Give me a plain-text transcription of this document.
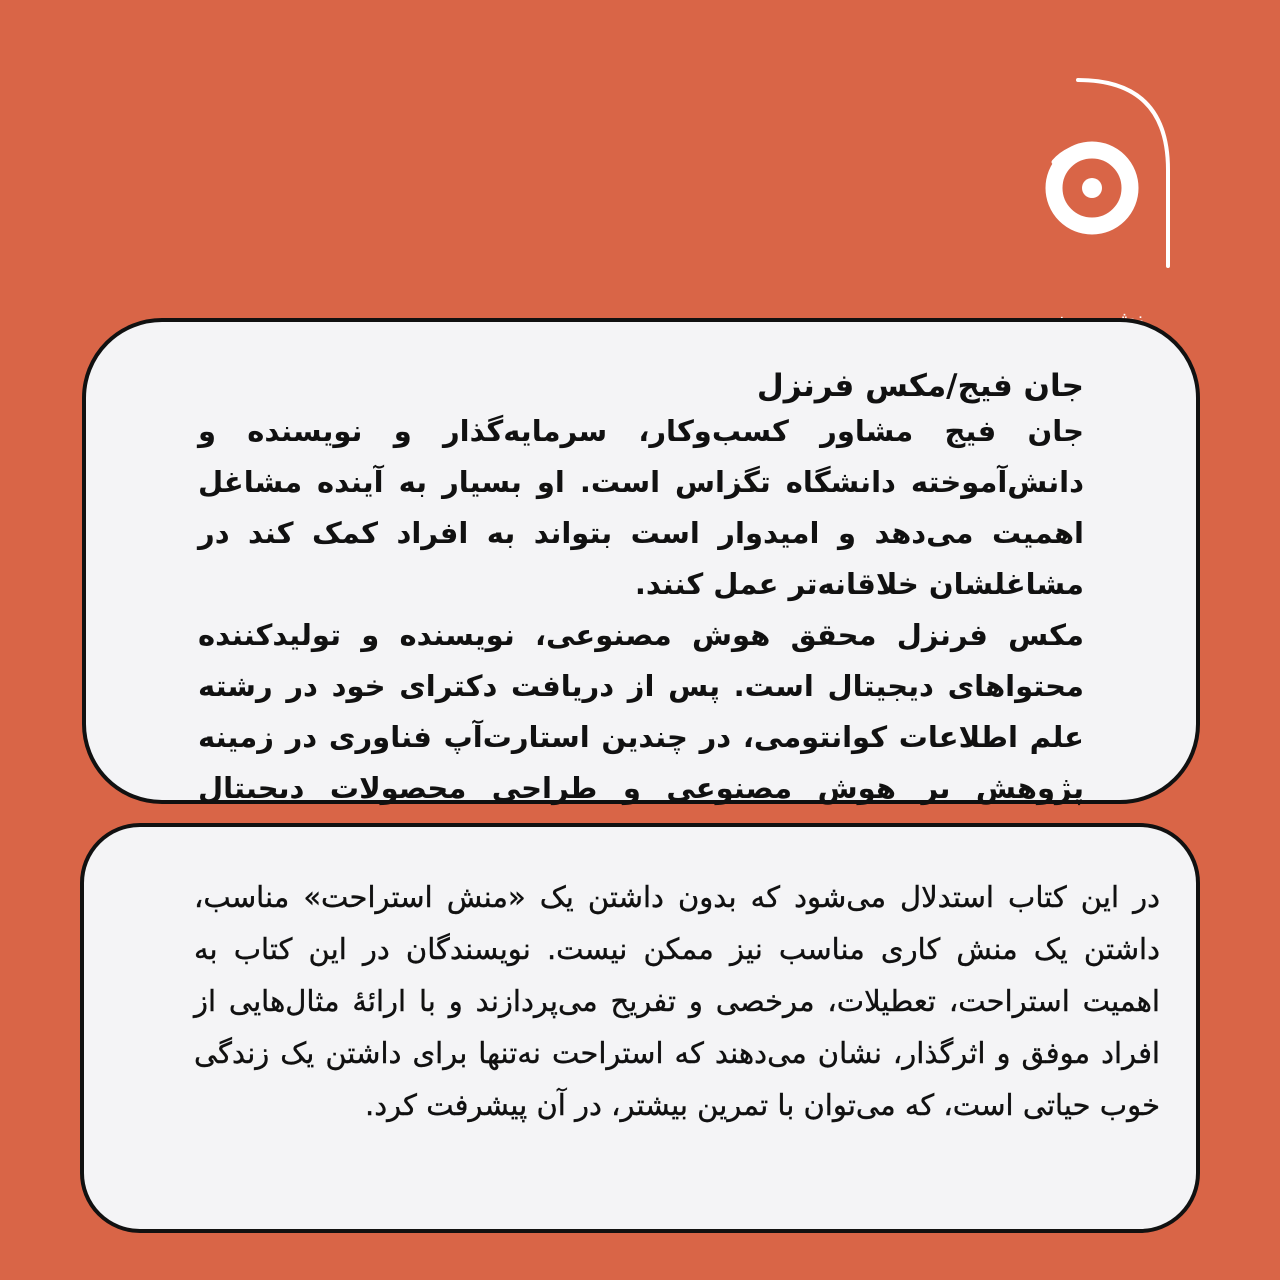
جان فیج/مکس فرنزل

جان فیج مشاور کسب‌وکار، سرمایه‌گذار و نویسنده و دانش‌آموخته دانشگاه تگزاس است. او بسیار به آینده مشاغل اهمیت می‌دهد و امیدوار است بتواند به افراد کمک کند در مشاغلشان خلاقانه‌تر عمل کنند.

مکس فرنزل محقق هوش مصنوعی، نویسنده و تولیدکننده محتواهای دیجیتال است. پس از دریافت دکترای خود در رشته علم اطلاعات کوانتومی، در چندین استارت‌آپ فناوری در زمینه پژوهش بر هوش مصنوعی و طراحی محصولات دیجیتال

در این کتاب استدلال می‌شود که بدون داشتن یک «منش استراحت» مناسب، داشتن یک منش کاری مناسب نیز ممکن نیست. نویسندگان در این کتاب به اهمیت استراحت، تعطیلات، مرخصی و تفریح می‌پردازند و با ارائهٔ مثال‌هایی از افراد موفق و اثرگذار، نشان می‌دهند که استراحت نه‌تنها برای داشتن یک زندگی خوب حیاتی است، که می‌توان با تمرین بیشتر، در آن پیشرفت کرد.
